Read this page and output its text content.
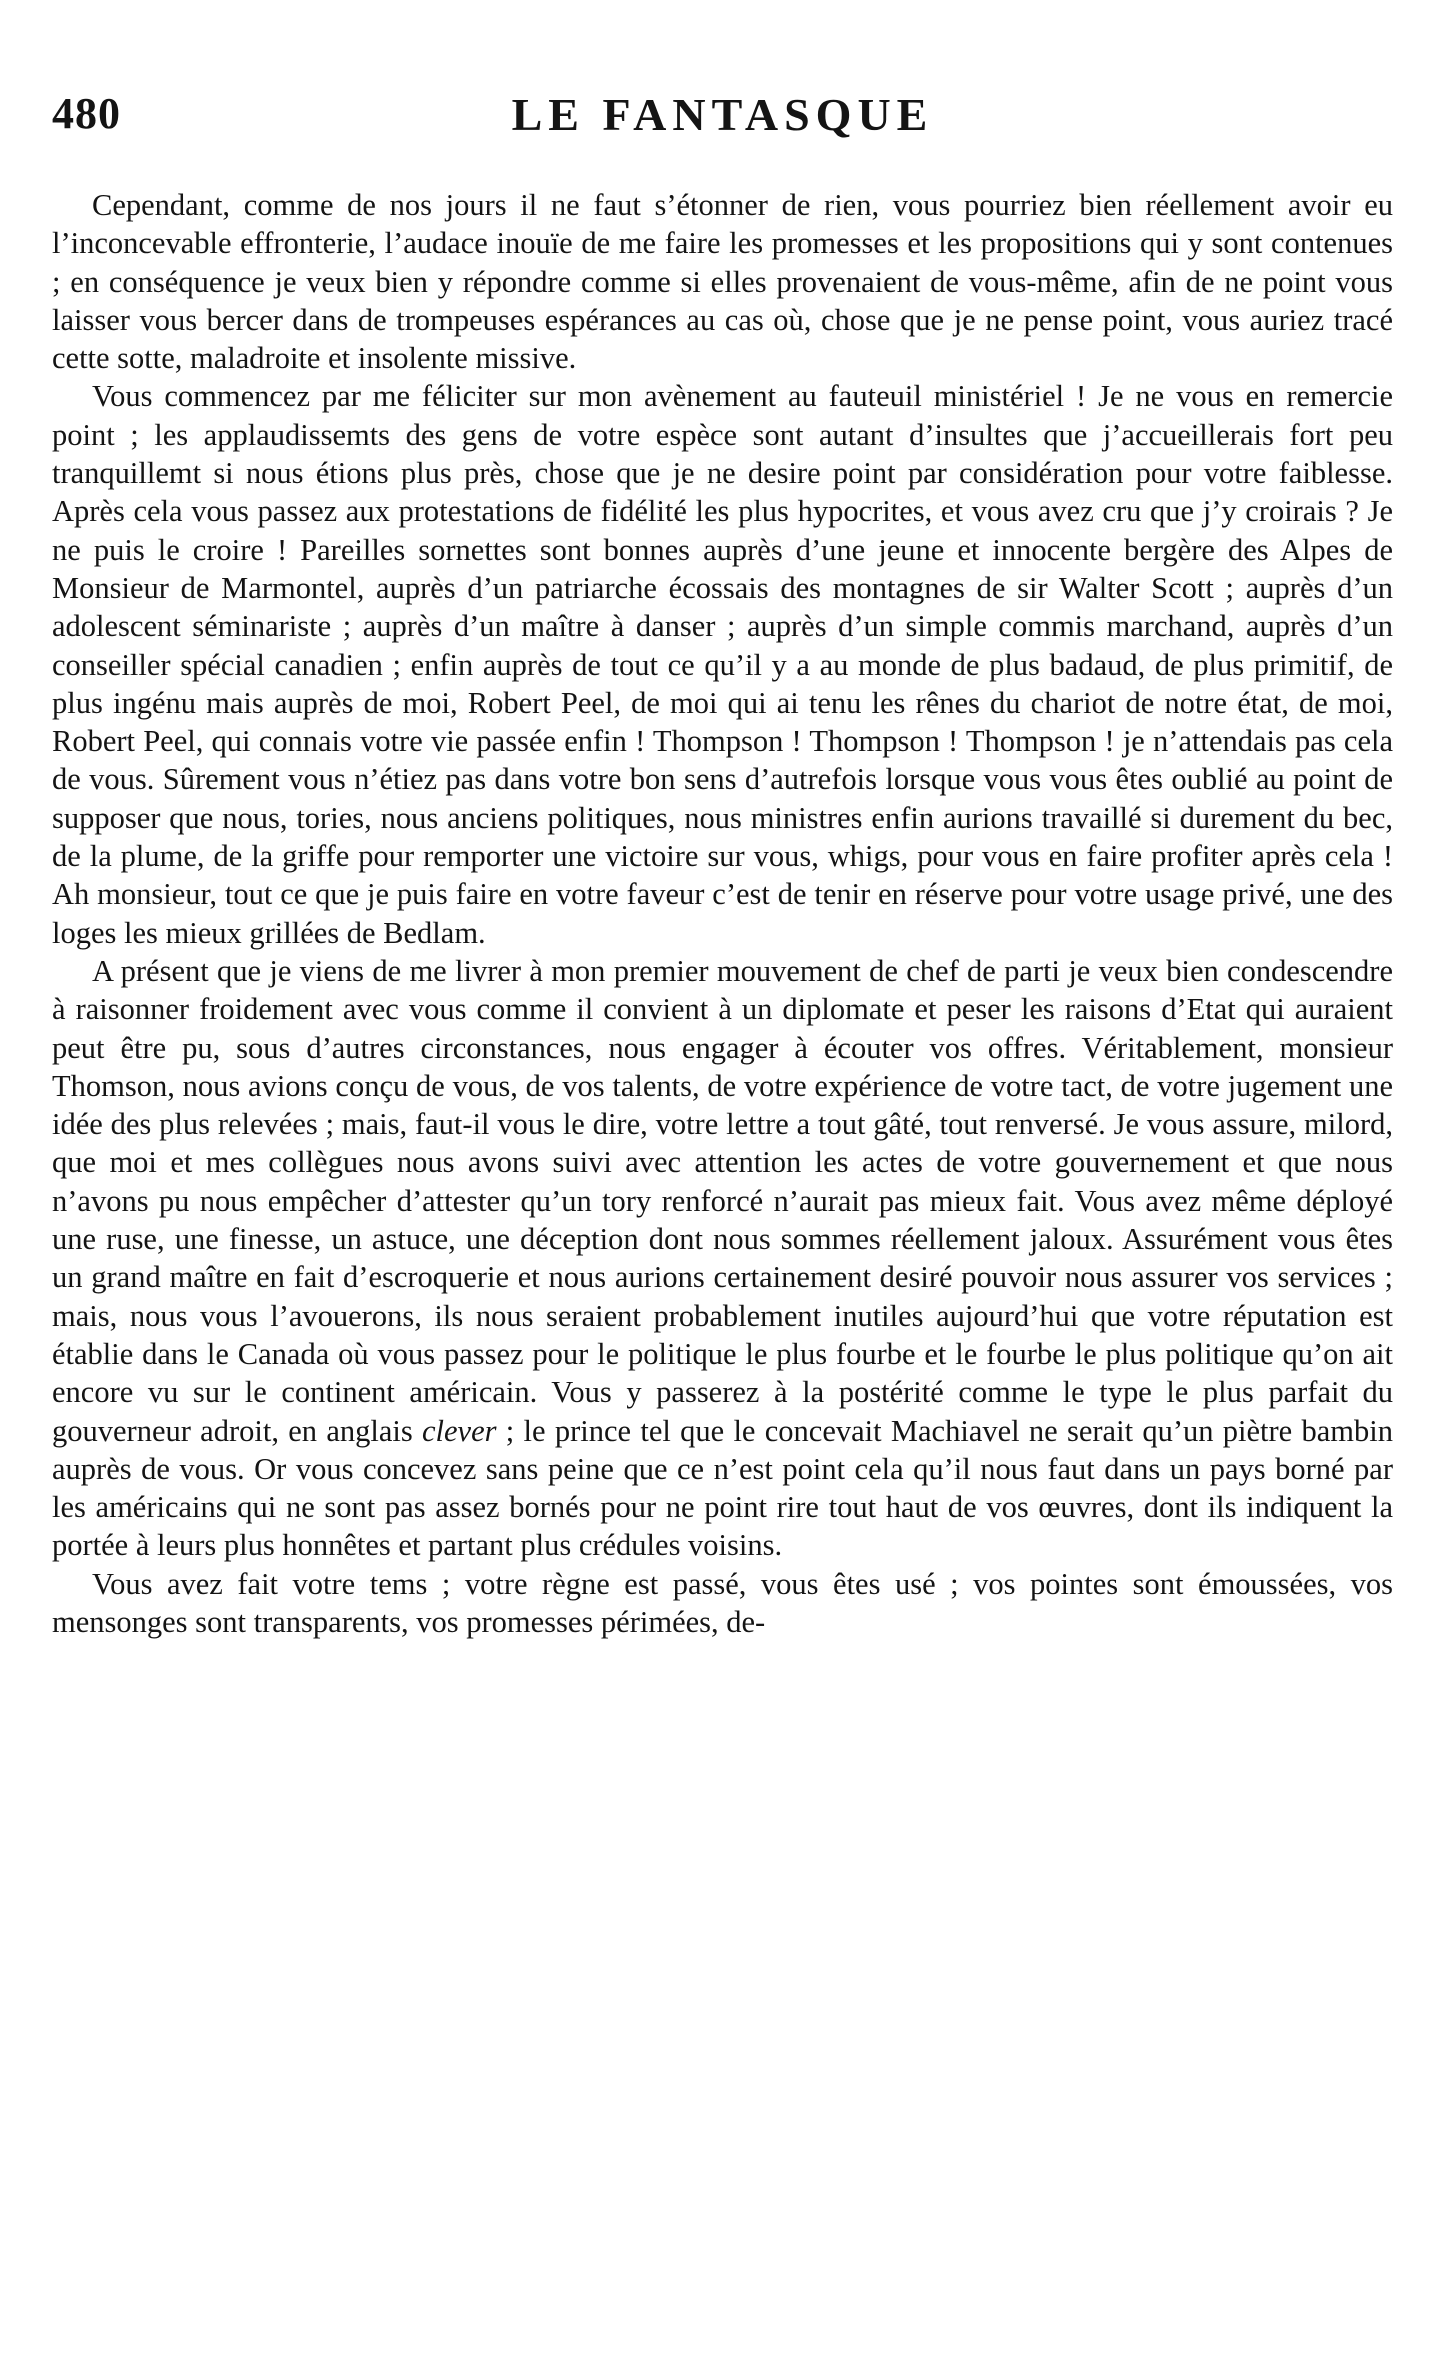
480	LE FANTASQUE

Cependant, comme de nos jours il ne faut s’étonner de rien, vous pourriez bien réellement avoir eu l’inconcevable effronterie, l’audace inouïe de me faire les promesses et les propositions qui y sont contenues ; en conséquence je veux bien y répondre comme si elles provenaient de vous-même, afin de ne point vous laisser vous bercer dans de trompeuses espérances au cas où, chose que je ne pense point, vous auriez tracé cette sotte, maladroite et insolente missive.

Vous commencez par me féliciter sur mon avènement au fauteuil ministériel ! Je ne vous en remercie point ; les applaudissemts des gens de votre espèce sont autant d’insultes que j’accueillerais fort peu tranquillemt si nous étions plus près, chose que je ne desire point par considération pour votre faiblesse. Après cela vous passez aux protestations de fidélité les plus hypocrites, et vous avez cru que j’y croirais ? Je ne puis le croire ! Pareilles sornettes sont bonnes auprès d’une jeune et innocente bergère des Alpes de Monsieur de Marmontel, auprès d’un patriarche écossais des montagnes de sir Walter Scott ; auprès d’un adolescent séminariste ; auprès d’un maître à danser ; auprès d’un simple commis marchand, auprès d’un conseiller spécial canadien ; enfin auprès de tout ce qu’il y a au monde de plus badaud, de plus primitif, de plus ingénu mais auprès de moi, Robert Peel, de moi qui ai tenu les rênes du chariot de notre état, de moi, Robert Peel, qui connais votre vie passée enfin ! Thompson ! Thompson ! Thompson ! je n’attendais pas cela de vous. Sûrement vous n’étiez pas dans votre bon sens d’autrefois lorsque vous vous êtes oublié au point de supposer que nous, tories, nous anciens politiques, nous ministres enfin aurions travaillé si durement du bec, de la plume, de la griffe pour remporter une victoire sur vous, whigs, pour vous en faire profiter après cela ! Ah monsieur, tout ce que je puis faire en votre faveur c’est de tenir en réserve pour votre usage privé, une des loges les mieux grillées de Bedlam.

A présent que je viens de me livrer à mon premier mouvement de chef de parti je veux bien condescendre à raisonner froidement avec vous comme il convient à un diplomate et peser les raisons d’Etat qui auraient peut être pu, sous d’autres circonstances, nous engager à écouter vos offres. Véritablement, monsieur Thomson, nous avions conçu de vous, de vos talents, de votre expérience de votre tact, de votre jugement une idée des plus relevées ; mais, faut-il vous le dire, votre lettre a tout gâté, tout renversé. Je vous assure, milord, que moi et mes collègues nous avons suivi avec attention les actes de votre gouvernement et que nous n’avons pu nous empêcher d’attester qu’un tory renforcé n’aurait pas mieux fait. Vous avez même déployé une ruse, une finesse, un astuce, une déception dont nous sommes réellement jaloux. Assurément vous êtes un grand maître en fait d’escroquerie et nous aurions certainement desiré pouvoir nous assurer vos services ; mais, nous vous l’avouerons, ils nous seraient probablement inutiles aujourd’hui que votre réputation est établie dans le Canada où vous passez pour le politique le plus fourbe et le fourbe le plus politique qu’on ait encore vu sur le continent américain. Vous y passerez à la postérité comme le type le plus parfait du gouverneur adroit, en anglais clever ; le prince tel que le concevait Machiavel ne serait qu’un piètre bambin auprès de vous. Or vous concevez sans peine que ce n’est point cela qu’il nous faut dans un pays borné par les américains qui ne sont pas assez bornés pour ne point rire tout haut de vos œuvres, dont ils indiquent la portée à leurs plus honnêtes et partant plus crédules voisins.

Vous avez fait votre tems ; votre règne est passé, vous êtes usé ; vos pointes sont émoussées, vos mensonges sont transparents, vos promesses périmées, de-
